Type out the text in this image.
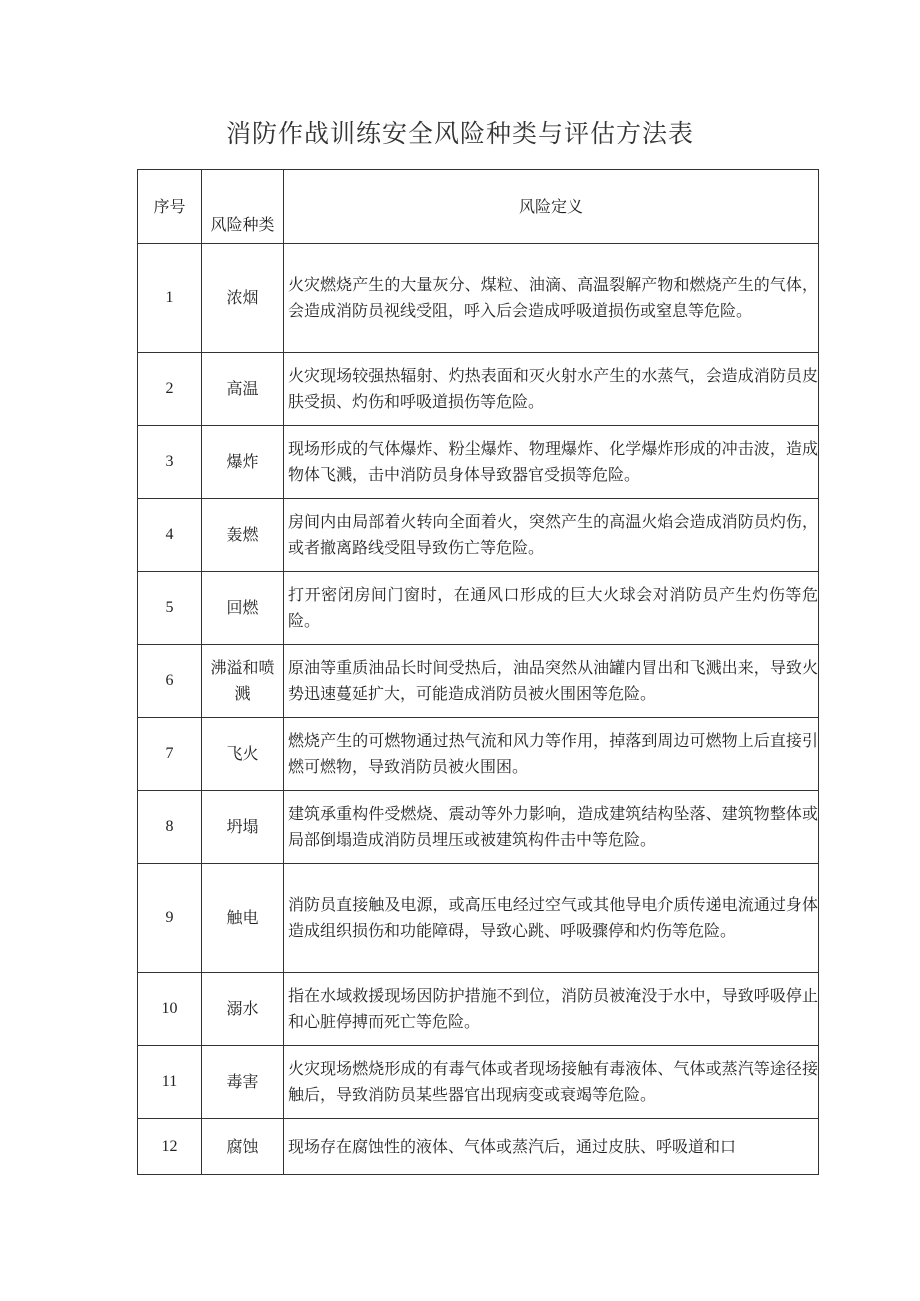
消防作战训练安全风险种类与评估方法表
序号	风险种类	风险定义
1	浓烟	火灾燃烧产生的大量灰分、煤粒、油滴、高温裂解产物和燃烧产生的气体，会造成消防员视线受阻，呼入后会造成呼吸道损伤或窒息等危险。
2	高温	火灾现场较强热辐射、灼热表面和灭火射水产生的水蒸气，会造成消防员皮肤受损、灼伤和呼吸道损伤等危险。
3	爆炸	现场形成的气体爆炸、粉尘爆炸、物理爆炸、化学爆炸形成的冲击波，造成物体飞溅，击中消防员身体导致器官受损等危险。
4	轰燃	房间内由局部着火转向全面着火，突然产生的高温火焰会造成消防员灼伤，或者撤离路线受阻导致伤亡等危险。
5	回燃	打开密闭房间门窗时，在通风口形成的巨大火球会对消防员产生灼伤等危险。
6	沸溢和喷溅	原油等重质油品长时间受热后，油品突然从油罐内冒出和飞溅出来，导致火势迅速蔓延扩大，可能造成消防员被火围困等危险。
7	飞火	燃烧产生的可燃物通过热气流和风力等作用，掉落到周边可燃物上后直接引燃可燃物，导致消防员被火围困。
8	坍塌	建筑承重构件受燃烧、震动等外力影响，造成建筑结构坠落、建筑物整体或局部倒塌造成消防员埋压或被建筑构件击中等危险。
9	触电	消防员直接触及电源，或高压电经过空气或其他导电介质传递电流通过身体造成组织损伤和功能障碍，导致心跳、呼吸骤停和灼伤等危险。
10	溺水	指在水域救援现场因防护措施不到位，消防员被淹没于水中，导致呼吸停止和心脏停搏而死亡等危险。
11	毒害	火灾现场燃烧形成的有毒气体或者现场接触有毒液体、气体或蒸汽等途径接触后，导致消防员某些器官出现病变或衰竭等危险。
12	腐蚀	现场存在腐蚀性的液体、气体或蒸汽后，通过皮肤、呼吸道和口
